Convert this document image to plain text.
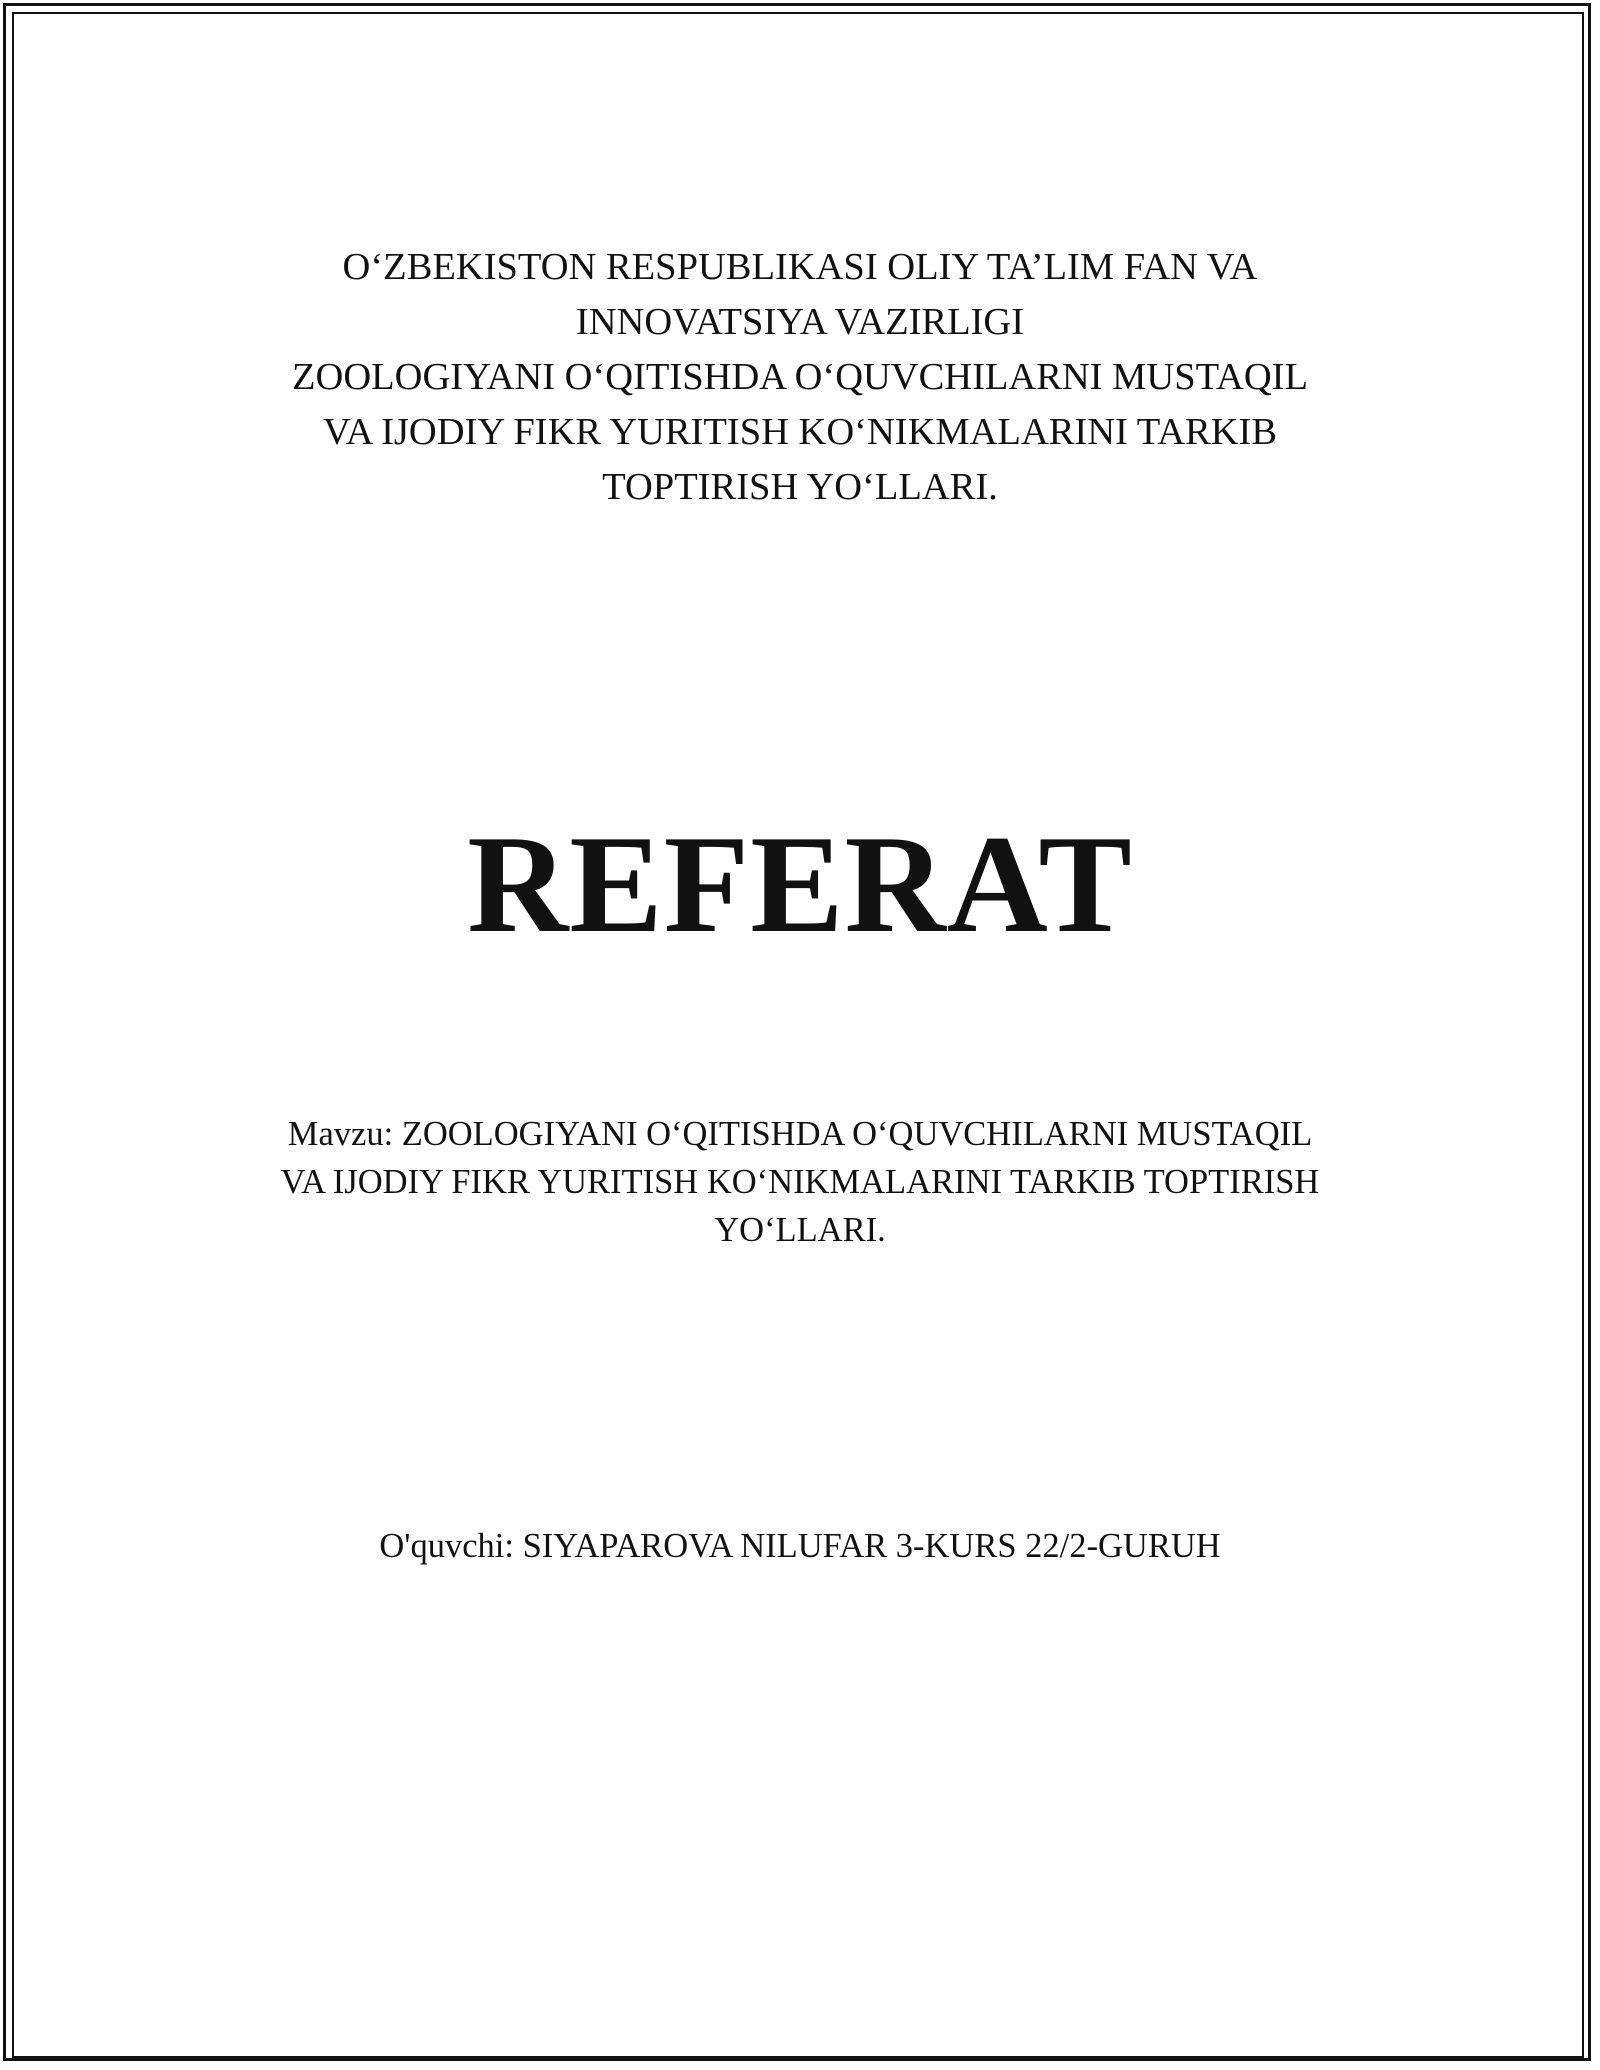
O‘ZBEKISTON RESPUBLIKASI OLIY TA’LIM FAN VA
INNOVATSIYA VAZIRLIGI
ZOOLOGIYANI O‘QITISHDA O‘QUVCHILARNI MUSTAQIL
VA IJODIY FIKR YURITISH KO‘NIKMALARINI TARKIB
TOPTIRISH YO‘LLARI.
REFERAT
Mavzu: ZOOLOGIYANI O‘QITISHDA O‘QUVCHILARNI MUSTAQIL
VA IJODIY FIKR YURITISH KO‘NIKMALARINI TARKIB TOPTIRISH
YO‘LLARI.
O'quvchi: SIYAPAROVA NILUFAR 3-KURS 22/2-GURUH
